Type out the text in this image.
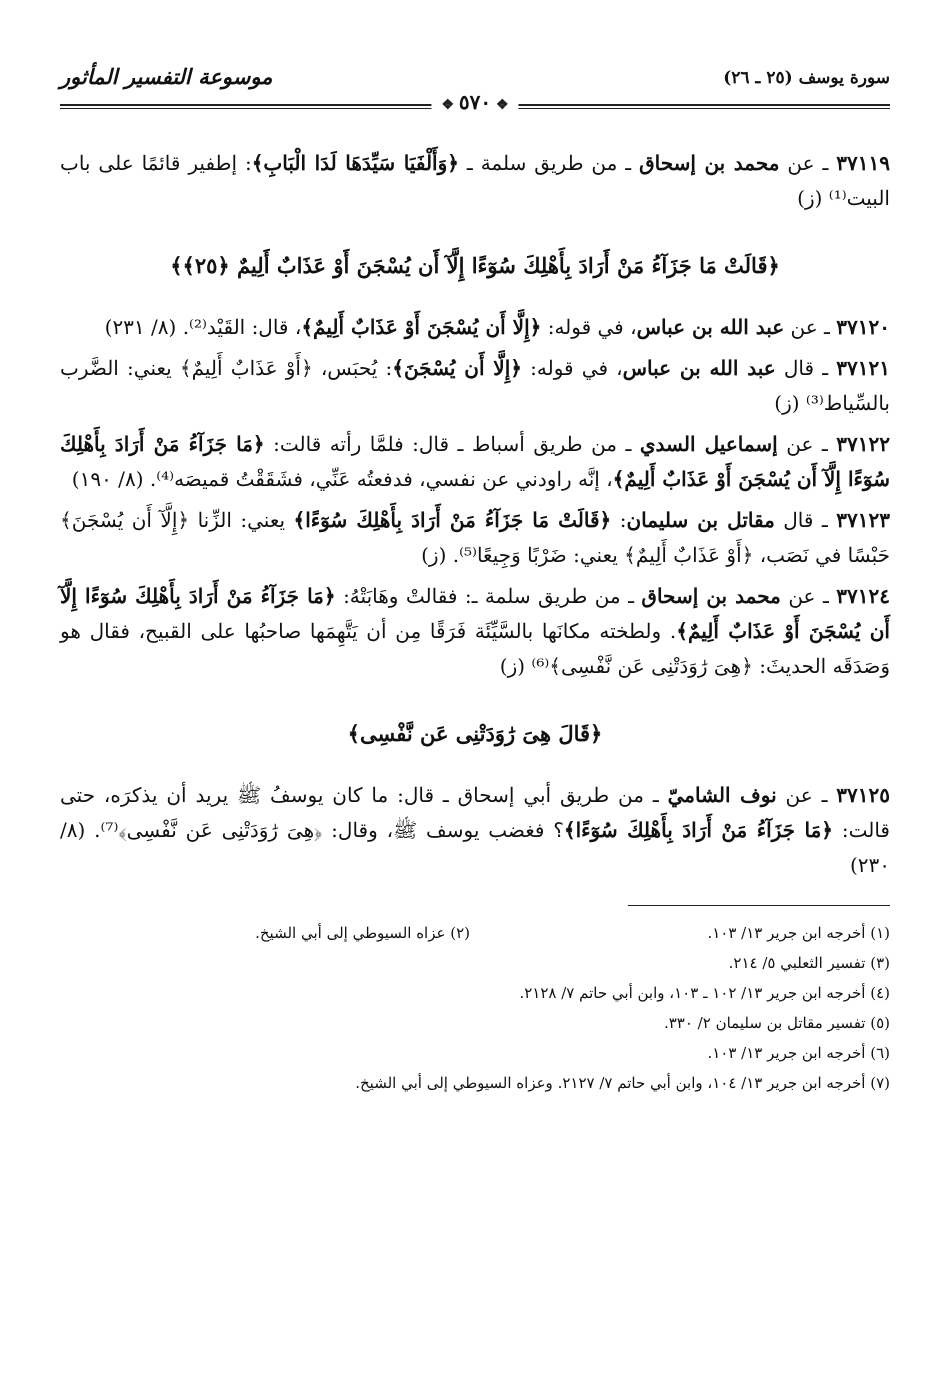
سورة يوسف (٢٥ ـ ٢٦)
موسوعة التفسير المأثور
❖ ٥٧٠ ❖

٣٧١١٩ ـ عن محمد بن إسحاق ـ من طريق سلمة ـ ﴿وَأَلْفَيَا سَيِّدَهَا لَدَا الْبَابِ﴾: إطفير قائمًا على باب البيت⁽¹⁾ (ز)

﴿قَالَتْ مَا جَزَآءُ مَنْ أَرَادَ بِأَهْلِكَ سُوٓءًا إِلَّآ أَن يُسْجَنَ أَوْ عَذَابٌ أَلِيمٌ ﴿٢٥﴾﴾

٣٧١٢٠ ـ عن عبد الله بن عباس، في قوله: ﴿إِلَّا أَن يُسْجَنَ أَوْ عَذَابٌ أَلِيمٌ﴾، قال: القَيْد⁽²⁾. (٨/ ٢٣١)

٣٧١٢١ ـ قال عبد الله بن عباس، في قوله: ﴿إِلَّا أَن يُسْجَنَ﴾: يُحبَس، ﴿أَوْ عَذَابٌ أَلِيمٌ﴾ يعني: الضَّرب بالسِّياط⁽³⁾ (ز)

٣٧١٢٢ ـ عن إسماعيل السدي ـ من طريق أسباط ـ قال: فلمَّا رأته قالت: ﴿مَا جَزَآءُ مَنْ أَرَادَ بِأَهْلِكَ سُوٓءًا إِلَّآ أَن يُسْجَنَ أَوْ عَذَابٌ أَلِيمٌ﴾، إنَّه راودني عن نفسي، فدفعتُه عَنِّي، فشَقَقْتُ قميصَه⁽⁴⁾. (٨/ ١٩٠)

٣٧١٢٣ ـ قال مقاتل بن سليمان: ﴿قَالَتْ مَا جَزَآءُ مَنْ أَرَادَ بِأَهْلِكَ سُوٓءًا﴾ يعني: الزِّنا ﴿إِلَّآ أَن يُسْجَنَ﴾ حَبْسًا في نَصَب، ﴿أَوْ عَذَابٌ أَلِيمٌ﴾ يعني: ضَرْبًا وَجِيعًا⁽⁵⁾. (ز)

٣٧١٢٤ ـ عن محمد بن إسحاق ـ من طريق سلمة ـ: فقالتْ وهَابَتْهُ: ﴿مَا جَزَآءُ مَنْ أَرَادَ بِأَهْلِكَ سُوٓءًا إِلَّآ أَن يُسْجَنَ أَوْ عَذَابٌ أَلِيمٌ﴾. ولطخته مكانَها بالسَّيِّئَة فَرَقًا مِن أن يَتَّهِمَها صاحبُها على القبيح، فقال هو وَصَدَقَه الحديثَ: ﴿هِىَ رَٰوَدَتْنِى عَن نَّفْسِى﴾⁽⁶⁾ (ز)

﴿قَالَ هِىَ رَٰوَدَتْنِى عَن نَّفْسِى﴾

٣٧١٢٥ ـ عن نوف الشاميّ ـ من طريق أبي إسحاق ـ قال: ما كان يوسفُ ﷺ يريد أن يذكرَه، حتى قالت: ﴿مَا جَزَآءُ مَنْ أَرَادَ بِأَهْلِكَ سُوٓءًا﴾؟ فغضب يوسف ﷺ، وقال: ﴿هِىَ رَٰوَدَتْنِى عَن نَّفْسِى﴾⁽⁷⁾. (٨/ ٢٣٠)

(١) أخرجه ابن جرير ١٣/ ١٠٣.
(٢) عزاه السيوطي إلى أبي الشيخ.
(٣) تفسير الثعلبي ٥/ ٢١٤.
(٤) أخرجه ابن جرير ١٣/ ١٠٢ ـ ١٠٣، وابن أبي حاتم ٧/ ٢١٢٨.
(٥) تفسير مقاتل بن سليمان ٢/ ٣٣٠.
(٦) أخرجه ابن جرير ١٣/ ١٠٣.
(٧) أخرجه ابن جرير ١٣/ ١٠٤، وابن أبي حاتم ٧/ ٢١٢٧. وعزاه السيوطي إلى أبي الشيخ.
